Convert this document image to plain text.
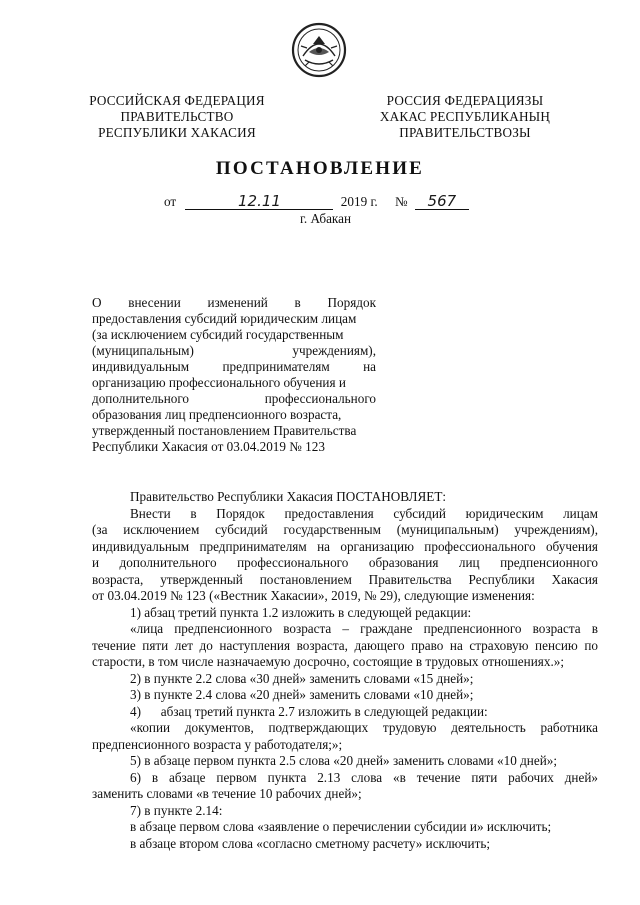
РОССИЙСКАЯ ФЕДЕРАЦИЯ
ПРАВИТЕЛЬСТВО
РЕСПУБЛИКИ ХАКАСИЯ
РОССИЯ ФЕДЕРАЦИЯЗЫ
ХАКАС РЕСПУБЛИКАНЫҢ
ПРАВИТЕЛЬСТВОЗЫ
ПОСТАНОВЛЕНИЕ
от	12.11	2019 г. № 567
г. Абакан
О внесении изменений в Порядок
предоставления субсидий юридическим лицам
(за исключением субсидий государственным
(муниципальным) учреждениям),
индивидуальным предпринимателям на
организацию профессионального обучения и
дополнительного профессионального
образования лиц предпенсионного возраста,
утвержденный постановлением Правительства
Республики Хакасия от 03.04.2019 № 123
Правительство Республики Хакасия ПОСТАНОВЛЯЕТ:
Внести в Порядок предоставления субсидий юридическим лицам
(за исключением субсидий государственным (муниципальным) учреждениям),
индивидуальным предпринимателям на организацию профессионального обучения
и дополнительного профессионального образования лиц предпенсионного
возраста, утвержденный постановлением Правительства Республики Хакасия
от 03.04.2019 № 123 («Вестник Хакасии», 2019, № 29), следующие изменения:
1) абзац третий пункта 1.2 изложить в следующей редакции:
«лица предпенсионного возраста – граждане предпенсионного возраста в
течение пяти лет до наступления возраста, дающего право на страховую пенсию по
старости, в том числе назначаемую досрочно, состоящие в трудовых отношениях.»;
2) в пункте 2.2 слова «30 дней» заменить словами «15 дней»;
3) в пункте 2.4 слова «20 дней» заменить словами «10 дней»;
4)      абзац третий пункта 2.7 изложить в следующей редакции:
«копии документов, подтверждающих трудовую деятельность работника
предпенсионного возраста у работодателя;»;
5) в абзаце первом пункта 2.5 слова «20 дней» заменить словами «10 дней»;
6) в абзаце первом пункта 2.13 слова «в течение пяти рабочих дней»
заменить словами «в течение 10 рабочих дней»;
7) в пункте 2.14:
в абзаце первом слова «заявление о перечислении субсидии и» исключить;
в абзаце втором слова «согласно сметному расчету» исключить;
